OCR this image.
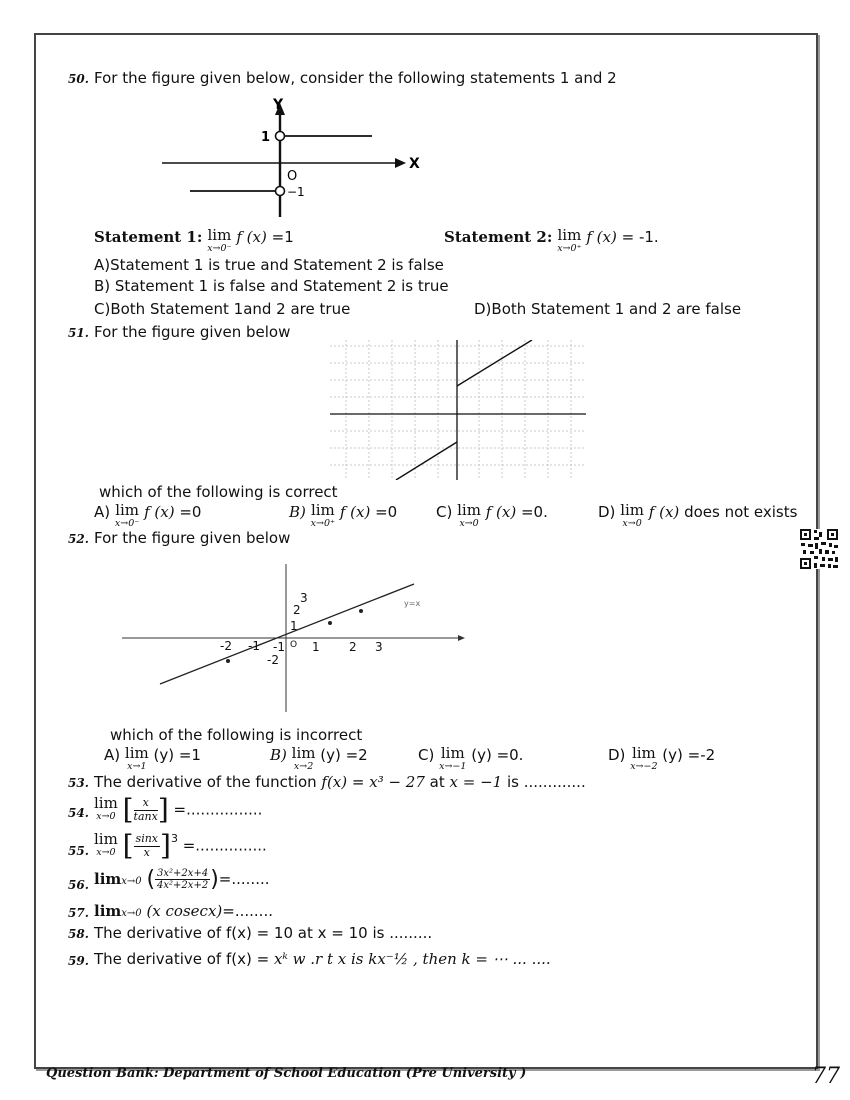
50. For the figure given below, consider the following statements 1 and 2
Y
X
O
1
−1
Statement 1: lim
x→0⁻
f (x) =1	Statement 2: lim
x→0⁺
f (x) = -1.
A)Statement 1 is true and Statement 2 is false
B) Statement 1 is false and Statement 2 is true
C)Both Statement 1and 2 are true	D)Both Statement 1 and 2 are false
51. For the figure given below
which of the following is correct
A) lim
x→0⁻
f (x) =0	B) lim
x→0⁺
f (x) =0	C) lim
x→0
f (x) =0.	D) lim
x→0
f (x) does not exists
52. For the figure given below
-2 -1	1 2 3
3
2
1
-1
-2
O
y=x
which of the following is incorrect
A) lim
x→1
(y) =1	B) lim
x→2
(y) =2	C) lim
x→−1
(y) =0.	D) lim
x→−2
(y) =-2
53. The derivative of the function f(x) = x³ − 27 at x = −1 is .............
54.
lim
x→0 [ $\frac{x}{\tan x}$ ] =................
55.
lim
x→0 [ $\frac{\sin x}{x} ]^3$ =...............
56. limx→0 ( $\frac{\text{3x²+2x+4}}{\text{4x²+2x+2}}$ )=........
57. limx→0 (x cosecx)=........
58. The derivative of f(x) = 10 at x = 10 is .........
59. The derivative of f(x) = xᵏ w .r t x is kx⁻½ , then k = ⋯ ... ....
Question Bank: Department of School Education (Pre University )	77
